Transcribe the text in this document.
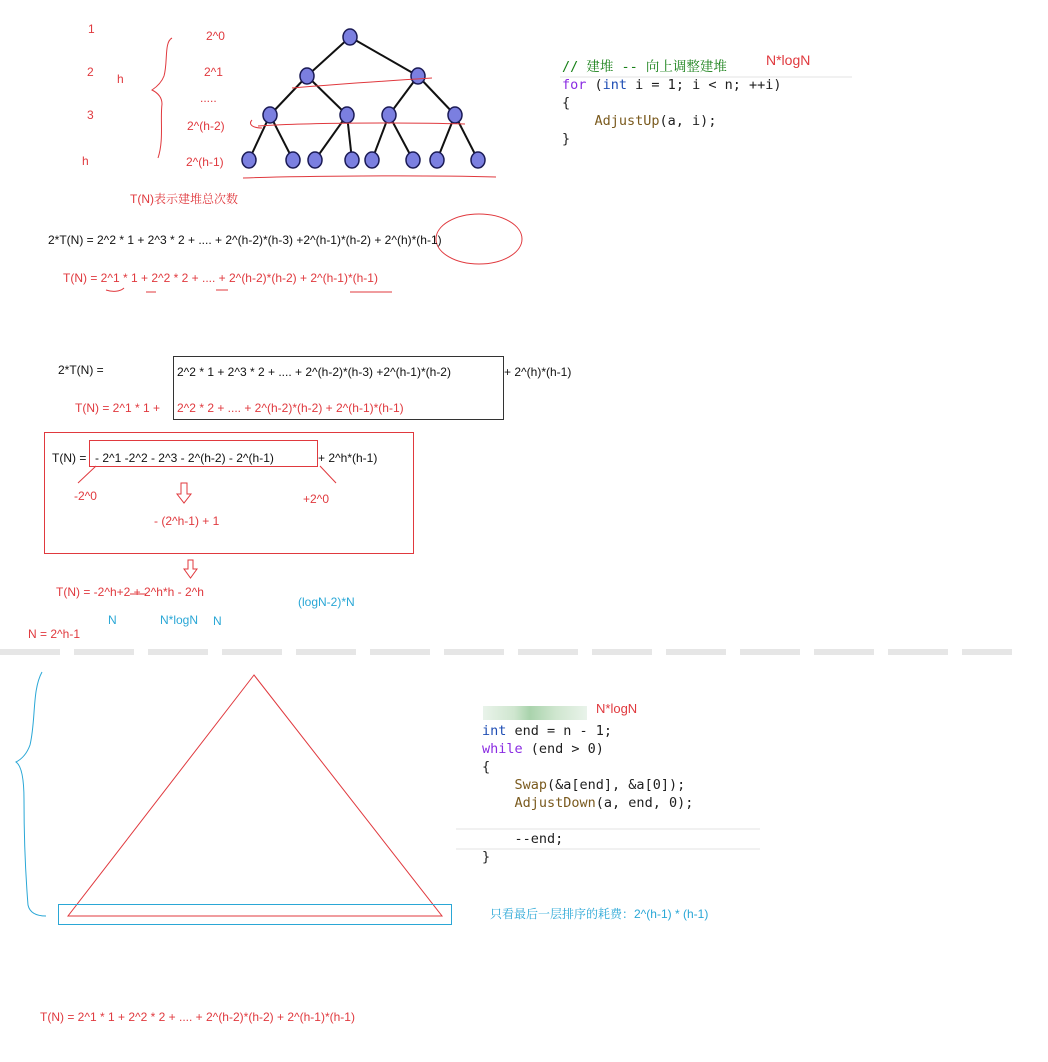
1
2
3
h
h
2^0
2^1
.....
2^(h-2)
2^(h-1)
T(N)表示建堆总次数
// 建堆 -- 向上调整建堆
for (int i = 1; i < n; ++i)
{
AdjustUp(a, i);
}
N*logN
2*T(N) = 2^2 * 1 + 2^3 * 2 + .... + 2^(h-2)*(h-3) +2^(h-1)*(h-2) + 2^(h)*(h-1)
T(N) = 2^1 * 1 + 2^2 * 2 + .... + 2^(h-2)*(h-2) + 2^(h-1)*(h-1)
2*T(N) =	2^2 * 1 + 2^3 * 2 + .... + 2^(h-2)*(h-3) +2^(h-1)*(h-2)	+ 2^(h)*(h-1)
T(N) = 2^1 * 1 + 2^2 * 2 + .... + 2^(h-2)*(h-2) + 2^(h-1)*(h-1)
T(N) = - 2^1 -2^2 - 2^3 - 2^(h-2) - 2^(h-1)	+ 2^h*(h-1)
-2^0	+2^0
- (2^h-1) + 1
T(N) = -2^h+2 + 2^h*h - 2^h
N	N*logN N
(logN-2)*N
N = 2^h-1
N*logN
int end = n - 1;
while (end > 0)
{
Swap(&a[end], &a[0]);
AdjustDown(a, end, 0);

--end;
}
只看最后一层排序的耗费：2^(h-1) * (h-1)
T(N) = 2^1 * 1 + 2^2 * 2 + .... + 2^(h-2)*(h-2) + 2^(h-1)*(h-1)
